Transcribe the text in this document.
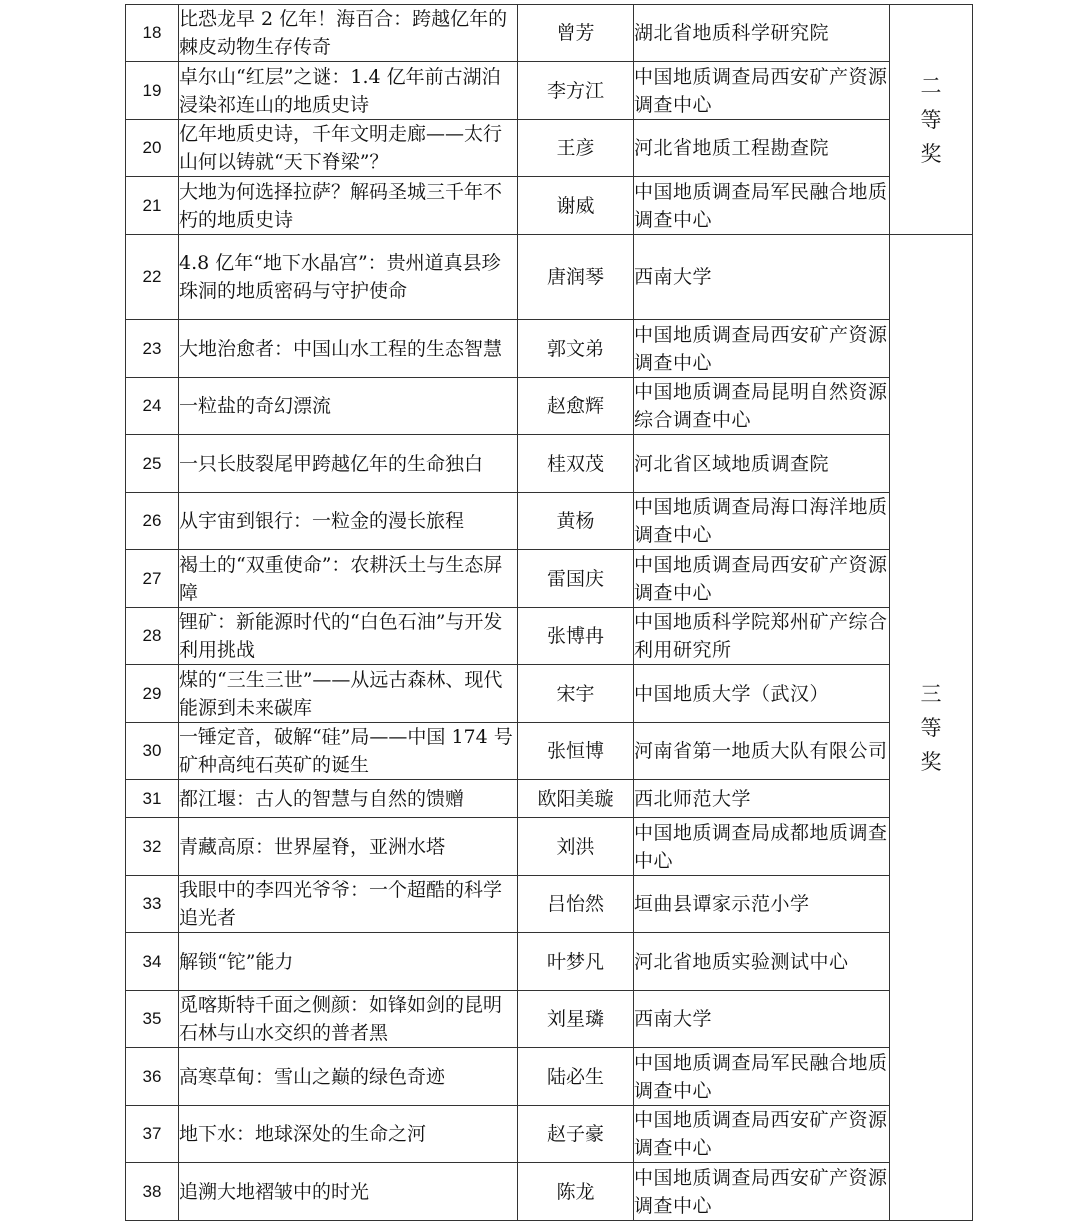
18	比恐龙早 2 亿年！海百合：跨越亿年的棘皮动物生存传奇	曾芳	湖北省地质科学研究院	二等奖
19	卓尔山“红层”之谜：1.4 亿年前古湖泊浸染祁连山的地质史诗	李方江	中国地质调查局西安矿产资源调查中心	
20	亿年地质史诗，千年文明走廊——太行山何以铸就“天下脊梁”？	王彦	河北省地质工程勘查院	
21	大地为何选择拉萨？解码圣城三千年不朽的地质史诗	谢威	中国地质调查局军民融合地质调查中心	
22	4.8 亿年“地下水晶宫”：贵州道真县珍珠洞的地质密码与守护使命	唐润琴	西南大学	三等奖
23	大地治愈者：中国山水工程的生态智慧	郭文弟	中国地质调查局西安矿产资源调查中心	
24	一粒盐的奇幻漂流	赵愈辉	中国地质调查局昆明自然资源综合调查中心	
25	一只长肢裂尾甲跨越亿年的生命独白	桂双茂	河北省区域地质调查院	
26	从宇宙到银行：一粒金的漫长旅程	黄杨	中国地质调查局海口海洋地质调查中心	
27	褐土的“双重使命”：农耕沃土与生态屏障	雷国庆	中国地质调查局西安矿产资源调查中心	
28	锂矿：新能源时代的“白色石油”与开发利用挑战	张博冉	中国地质科学院郑州矿产综合利用研究所	
29	煤的“三生三世”——从远古森林、现代能源到未来碳库	宋宇	中国地质大学（武汉）	
30	一锤定音，破解“硅”局——中国 174 号矿种高纯石英矿的诞生	张恒博	河南省第一地质大队有限公司	
31	都江堰：古人的智慧与自然的馈赠	欧阳美璇	西北师范大学	
32	青藏高原：世界屋脊，亚洲水塔	刘洪	中国地质调查局成都地质调查中心	
33	我眼中的李四光爷爷：一个超酷的科学追光者	吕怡然	垣曲县谭家示范小学	
34	解锁“铊”能力	叶梦凡	河北省地质实验测试中心	
35	觅喀斯特千面之侧颜：如锋如剑的昆明石林与山水交织的普者黑	刘星璘	西南大学	
36	高寒草甸：雪山之巅的绿色奇迹	陆必生	中国地质调查局军民融合地质调查中心	
37	地下水：地球深处的生命之河	赵子豪	中国地质调查局西安矿产资源调查中心	
38	追溯大地褶皱中的时光	陈龙	中国地质调查局西安矿产资源调查中心	
